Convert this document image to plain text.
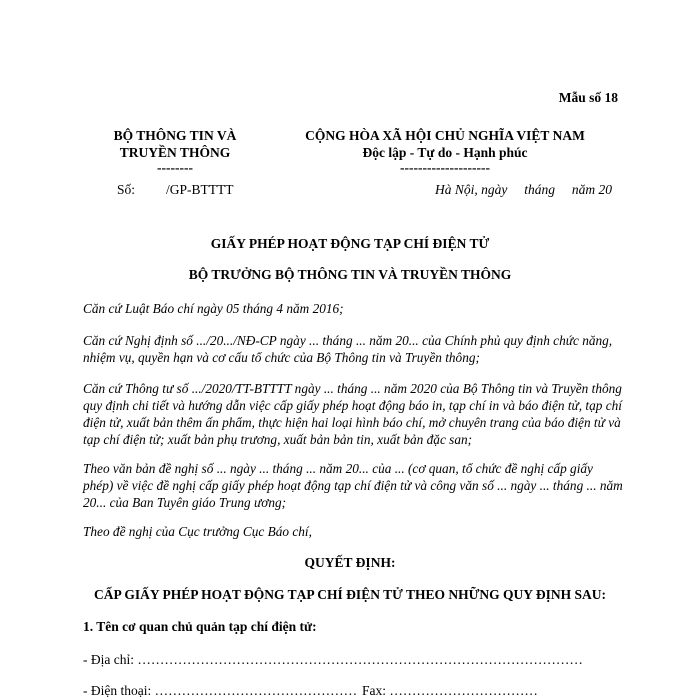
Mẫu số 18
BỘ THÔNG TIN VÀ
TRUYỀN THÔNG
--------
Số: /GP-BTTTT
CỘNG HÒA XÃ HỘI CHỦ NGHĨA VIỆT NAM
Độc lập - Tự do - Hạnh phúc
--------------------
Hà Nội, ngày     tháng     năm 20
GIẤY PHÉP HOẠT ĐỘNG TẠP CHÍ ĐIỆN TỬ
BỘ TRƯỞNG BỘ THÔNG TIN VÀ TRUYỀN THÔNG
Căn cứ Luật Báo chí ngày 05 tháng 4 năm 2016;
Căn cứ Nghị định số .../20.../NĐ-CP ngày ... tháng ... năm 20... của Chính phủ quy định chức năng, nhiệm vụ, quyền hạn và cơ cấu tổ chức của Bộ Thông tin và Truyền thông;
Căn cứ Thông tư số .../2020/TT-BTTTT ngày ... tháng ... năm 2020 của Bộ Thông tin và Truyền thông quy định chi tiết và hướng dẫn việc cấp giấy phép hoạt động báo in, tạp chí in và báo điện tử, tạp chí điện tử, xuất bản thêm ấn phẩm, thực hiện hai loại hình báo chí, mở chuyên trang của báo điện tử và tạp chí điện tử; xuất bản phụ trương, xuất bản bản tin, xuất bản đặc san;
Theo văn bản đề nghị số ... ngày ... tháng ... năm 20... của ... (cơ quan, tổ chức đề nghị cấp giấy phép) về việc đề nghị cấp giấy phép hoạt động tạp chí điện tử và công văn số ... ngày ... tháng ... năm 20... của Ban Tuyên giáo Trung ương;
Theo đề nghị của Cục trưởng Cục Báo chí,
QUYẾT ĐỊNH:
CẤP GIẤY PHÉP HOẠT ĐỘNG TẠP CHÍ ĐIỆN TỬ THEO NHỮNG QUY ĐỊNH SAU:
1. Tên cơ quan chủ quản tạp chí điện tử:
- Địa chỉ: ………………………………………………………………………………………
- Điện thoại: ……………………………………… Fax: ……………………………
